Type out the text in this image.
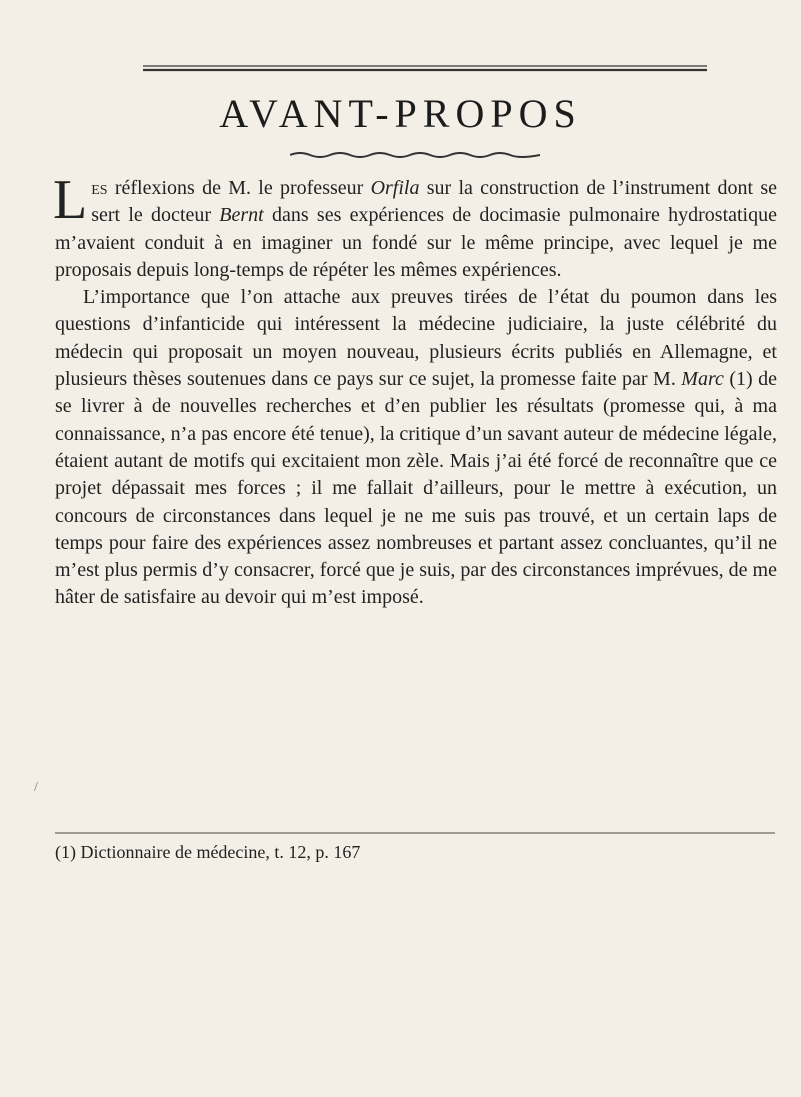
AVANT-PROPOS

Les réflexions de M. le professeur Orfila sur la construction de l’instrument dont se sert le docteur Bernt dans ses expériences de docimasie pulmonaire hydrostatique m’avaient conduit à en imaginer un fondé sur le même principe, avec lequel je me proposais depuis long-temps de répéter les mêmes expériences.

L’importance que l’on attache aux preuves tirées de l’état du poumon dans les questions d’infanticide qui intéressent la médecine judiciaire, la juste célébrité du médecin qui proposait un moyen nouveau, plusieurs écrits publiés en Allemagne, et plusieurs thèses soutenues dans ce pays sur ce sujet, la promesse faite par M. Marc (1) de se livrer à de nouvelles recherches et d’en publier les résultats (promesse qui, à ma connaissance, n’a pas encore été tenue), la critique d’un savant auteur de médecine légale, étaient autant de motifs qui excitaient mon zèle. Mais j’ai été forcé de reconnaître que ce projet dépassait mes forces ; il me fallait d’ailleurs, pour le mettre à exécution, un concours de circonstances dans lequel je ne me suis pas trouvé, et un certain laps de temps pour faire des expériences assez nombreuses et partant assez concluantes, qu’il ne m’est plus permis d’y consacrer, forcé que je suis, par des circonstances imprévues, de me hâter de satisfaire au devoir qui m’est imposé.

/
(1) Dictionnaire de médecine, t. 12, p. 167
